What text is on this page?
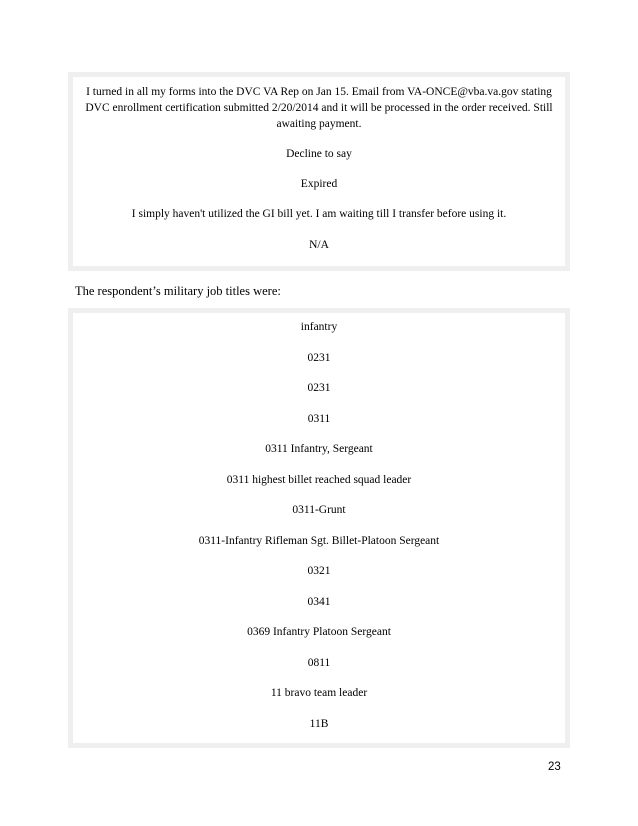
I turned in all my forms into the DVC VA Rep on Jan 15. Email from VA-ONCE@vba.va.gov stating
DVC enrollment certification submitted 2/20/2014 and it will be processed in the order received. Still
awaiting payment.
Decline to say
Expired
I simply haven't utilized the GI bill yet. I am waiting till I transfer before using it.
N/A
The respondent’s military job titles were:
infantry
0231
0231
0311
0311 Infantry, Sergeant
0311 highest billet reached squad leader
0311-Grunt
0311-Infantry Rifleman Sgt. Billet-Platoon Sergeant
0321
0341
0369 Infantry Platoon Sergeant
0811
11 bravo team leader
11B
23
